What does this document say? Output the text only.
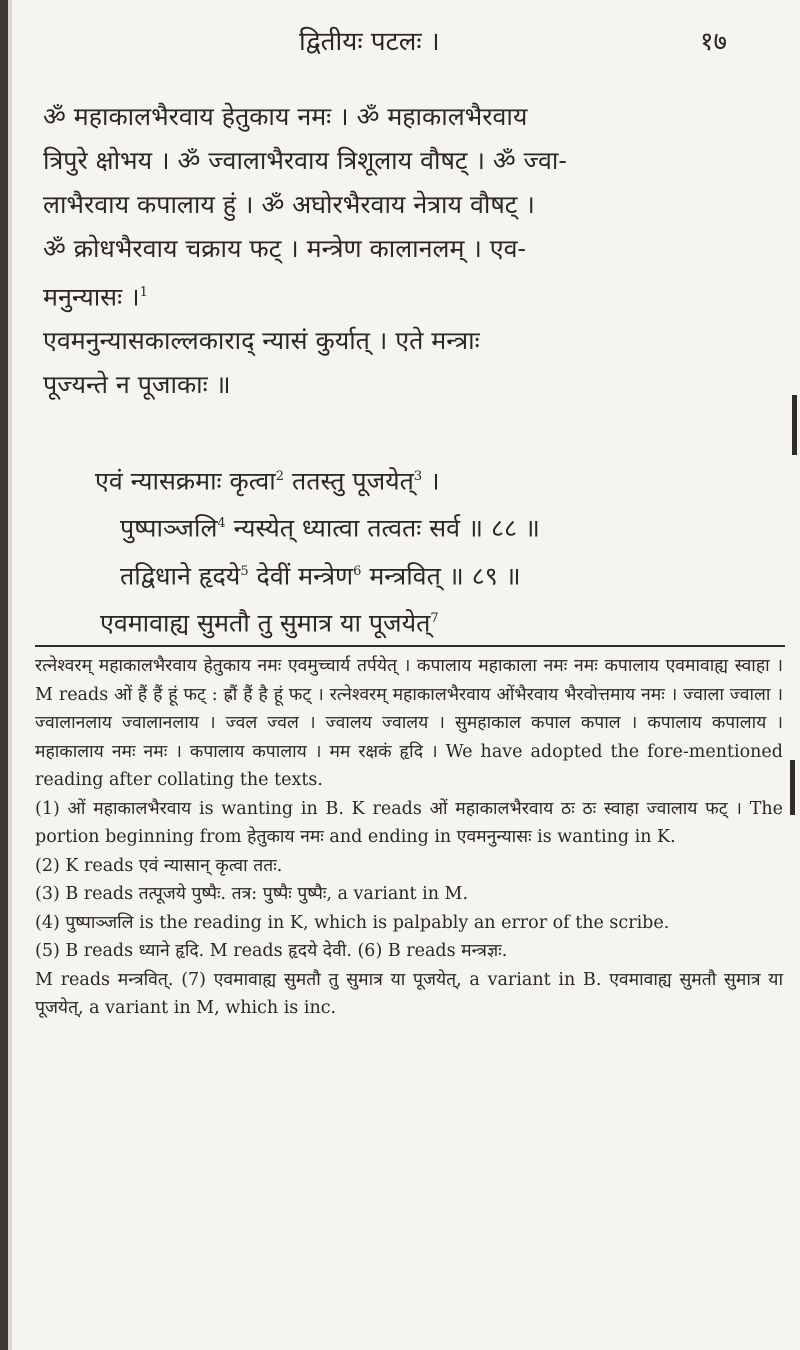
द्वितीयः पटलः ।	१७

ॐ महाकालभैरवाय हेतुकाय नमः । ॐ महाकालभैरवाय

त्रिपुरे क्षोभय । ॐ ज्वालाभैरवाय त्रिशूलाय वौषट् । ॐ ज्वा-

लाभैरवाय कपालाय हुं । ॐ अघोरभैरवाय नेत्राय वौषट् ।

ॐ क्रोधभैरवाय चक्राय फट् । मन्त्रेण कालानलम् । एव-

मनुन्यासः ।$^1$

एवमनुन्यासकाल्लकाराद् न्यासं कुर्यात् । एते मन्त्राः

पूज्यन्ते न पूजाकाः ॥

एवं न्यासक्रमाः कृत्वा$^2$ ततस्तु पूजयेत्$^3$ ।
पुष्पाञ्जलि$^4$ न्यस्येत् ध्यात्वा तत्वतः सर्व ॥ ८८ ॥
तद्विधाने हृदये$^5$ देवीं मन्त्रेण$^6$ मन्त्रवित् ॥ ८९ ॥
एवमावाह्य सुमतौ तु सुमात्र या पूजयेत्$^7$

रत्नेश्वरम् महाकालभैरवाय हेतुकाय नमः एवमुच्चार्य तर्पयेत् । कपालाय महाकाला नमः नमः कपालाय एवमावाह्य स्वाहा । M reads ओं हैं हैं हूं फट् : ह्रौं हैं है हूं फट् । रत्नेश्वरम् महाकालभैरवाय ओंभैरवाय भैरवोत्तमाय नमः । ज्वाला ज्वाला । ज्वालानलाय ज्वालानलाय । ज्वल ज्वल । ज्वालय ज्वालय । सुमहाकाल कपाल कपाल । कपालाय कपालाय । महाकालाय नमः नमः । कपालाय कपालाय । मम रक्षकं हृदि । We have adopted the fore-mentioned reading after collating the texts.

(1) ओं महाकालभैरवाय is wanting in B. K reads ओं महाकालभैरवाय ठः ठः स्वाहा ज्वालाय फट् । The portion beginning from हेतुकाय नमः and ending in एवमनुन्यासः is wanting in K.
(2) K reads एवं न्यासान् कृत्वा ततः.
(3) B reads तत्पूजये पुष्पैः. तत्र: पुष्पैः पुष्पैः, a variant in M.
(4) पुष्पाञ्जलि is the reading in K, which is palpably an error of the scribe.
(5) B reads ध्याने हृदि. M reads हृदये देवी. (6) B reads मन्त्रज्ञः.
M reads मन्त्रवित्. (7) एवमावाह्य सुमतौ तु सुमात्र या पूजयेत्, a variant in B. एवमावाह्य सुमतौ सुमात्र या पूजयेत्, a variant in M, which is inc.
